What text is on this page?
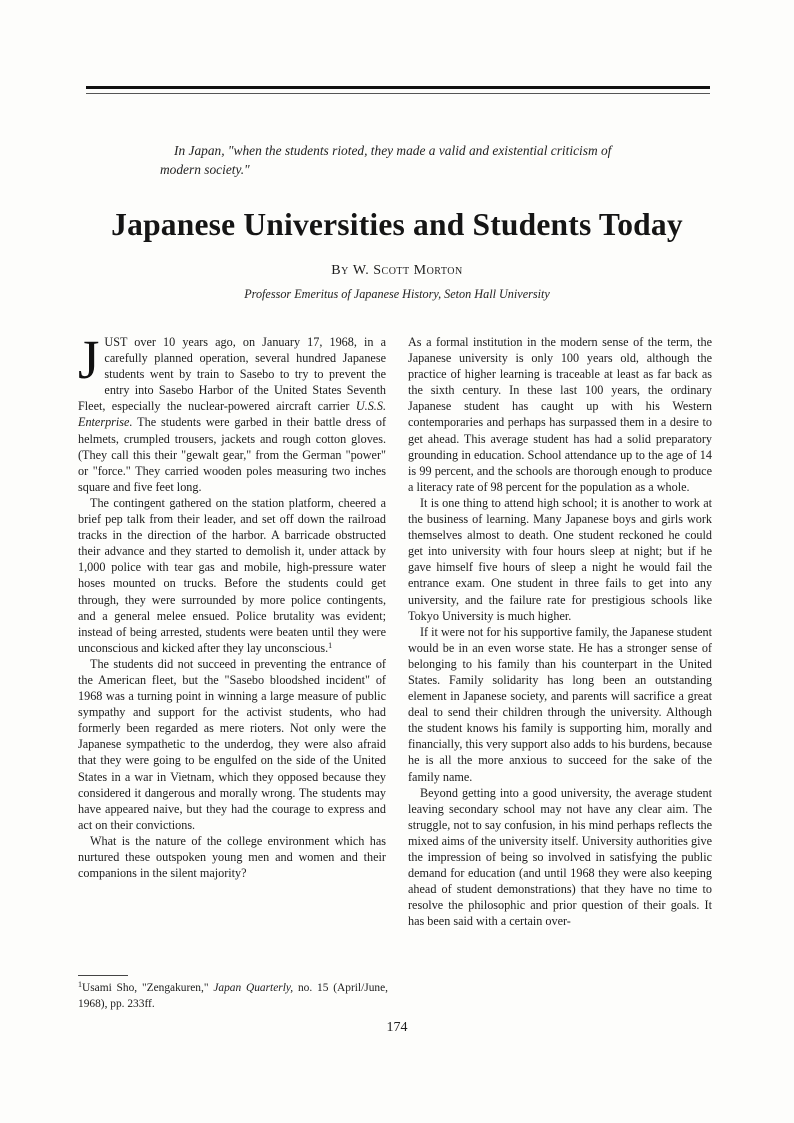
In Japan, "when the students rioted, they made a valid and existential criticism of
modern society."
Japanese Universities and Students Today
By W. Scott Morton
Professor Emeritus of Japanese History, Seton Hall University

JUST over 10 years ago, on January 17, 1968, in a carefully planned operation, several hundred Japanese students went by train to Sasebo to try to prevent the entry into Sasebo Harbor of the United States Seventh Fleet, especially the nuclear-powered aircraft carrier U.S.S. Enterprise. The students were garbed in their battle dress of helmets, crumpled trousers, jackets and rough cotton gloves. (They call this their "gewalt gear," from the German "power" or "force." They carried wooden poles measuring two inches square and five feet long.

The contingent gathered on the station platform, cheered a brief pep talk from their leader, and set off down the railroad tracks in the direction of the harbor. A barricade obstructed their advance and they started to demolish it, under attack by 1,000 police with tear gas and mobile, high-pressure water hoses mounted on trucks. Before the students could get through, they were surrounded by more police contingents, and a general melee ensued. Police brutality was evident; instead of being arrested, students were beaten until they were unconscious and kicked after they lay unconscious.$^1$

The students did not succeed in preventing the entrance of the American fleet, but the "Sasebo bloodshed incident" of 1968 was a turning point in winning a large measure of public sympathy and support for the activist students, who had formerly been regarded as mere rioters. Not only were the Japanese sympathetic to the underdog, they were also afraid that they were going to be engulfed on the side of the United States in a war in Vietnam, which they opposed because they considered it dangerous and morally wrong. The students may have appeared naive, but they had the courage to express and act on their convictions.

What is the nature of the college environment which has nurtured these outspoken young men and women and their companions in the silent majority?

$^1$Usami Sho, "Zengakuren," Japan Quarterly, no. 15 (April/June, 1968), pp. 233ff.

As a formal institution in the modern sense of the term, the Japanese university is only 100 years old, although the practice of higher learning is traceable at least as far back as the sixth century. In these last 100 years, the ordinary Japanese student has caught up with his Western contemporaries and perhaps has surpassed them in a desire to get ahead. This average student has had a solid preparatory grounding in education. School attendance up to the age of 14 is 99 percent, and the schools are thorough enough to produce a literacy rate of 98 percent for the population as a whole.

It is one thing to attend high school; it is another to work at the business of learning. Many Japanese boys and girls work themselves almost to death. One student reckoned he could get into university with four hours sleep at night; but if he gave himself five hours of sleep a night he would fail the entrance exam. One student in three fails to get into any university, and the failure rate for prestigious schools like Tokyo University is much higher.

If it were not for his supportive family, the Japanese student would be in an even worse state. He has a stronger sense of belonging to his family than his counterpart in the United States. Family solidarity has long been an outstanding element in Japanese society, and parents will sacrifice a great deal to send their children through the university. Although the student knows his family is supporting him, morally and financially, this very support also adds to his burdens, because he is all the more anxious to succeed for the sake of the family name.

Beyond getting into a good university, the average student leaving secondary school may not have any clear aim. The struggle, not to say confusion, in his mind perhaps reflects the mixed aims of the university itself. University authorities give the impression of being so involved in satisfying the public demand for education (and until 1968 they were also keeping ahead of student demonstrations) that they have no time to resolve the philosophic and prior question of their goals. It has been said with a certain over-

174
